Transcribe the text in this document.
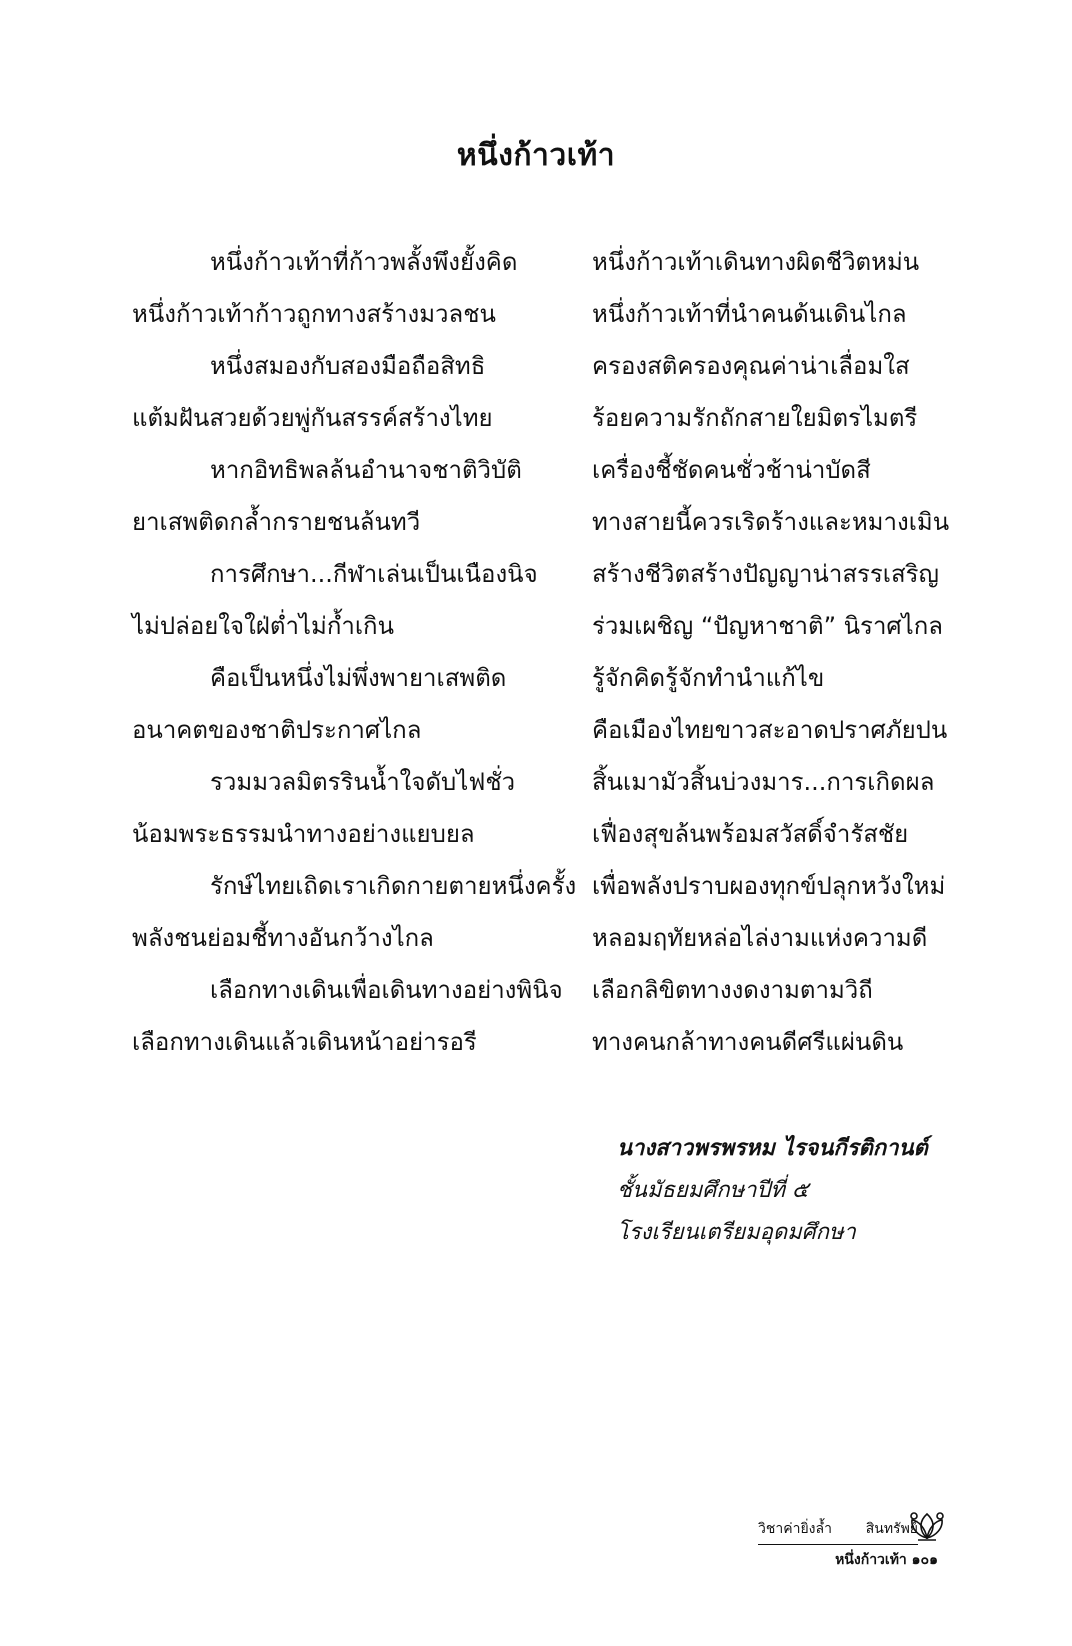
หนึ่งก้าวเท้า
หนึ่งก้าวเท้าที่ก้าวพลั้งพึงยั้งคิด
หนึ่งก้าวเท้าก้าวถูกทางสร้างมวลชน
หนึ่งก้าวเท้าเดินทางผิดชีวิตหม่น
หนึ่งก้าวเท้าที่นำคนด้นเดินไกล
หนึ่งสมองกับสองมือถือสิทธิ
แต้มฝันสวยด้วยพู่กันสรรค์สร้างไทย
ครองสติครองคุณค่าน่าเลื่อมใส
ร้อยความรักถักสายใยมิตรไมตรี
หากอิทธิพลล้นอำนาจชาติวิบัติ
ยาเสพติดกล้ำกรายชนล้นทวี
เครื่องชี้ชัดคนชั่วช้าน่าบัดสี
ทางสายนี้ควรเริดร้างและหมางเมิน
การศึกษา...กีฬาเล่นเป็นเนืองนิจ
ไม่ปล่อยใจใฝ่ต่ำไม่ก้ำเกิน
สร้างชีวิตสร้างปัญญาน่าสรรเสริญ
ร่วมเผชิญ “ปัญหาชาติ” นิราศไกล
คือเป็นหนึ่งไม่พึ่งพายาเสพติด
อนาคตของชาติประกาศไกล
รู้จักคิดรู้จักทำนำแก้ไข
คือเมืองไทยขาวสะอาดปราศภัยปน
รวมมวลมิตรรินน้ำใจดับไฟชั่ว
น้อมพระธรรมนำทางอย่างแยบยล
สิ้นเมามัวสิ้นบ่วงมาร...การเกิดผล
เฟื่องสุขล้นพร้อมสวัสดิ์จำรัสชัย
รักษ์ไทยเถิดเราเกิดกายตายหนึ่งครั้ง
พลังชนย่อมชี้ทางอันกว้างไกล
เพื่อพลังปราบผองทุกข์ปลุกหวังใหม่
หลอมฤทัยหล่อไล่งามแห่งความดี
เลือกทางเดินเพื่อเดินทางอย่างพินิจ
เลือกทางเดินแล้วเดินหน้าอย่ารอรี
เลือกลิขิตทางงดงามตามวิถี
ทางคนกล้าทางคนดีศรีแผ่นดิน
นางสาวพรพรหม ไรจนกีรติกานต์
ชั้นมัธยมศึกษาปีที่ ๕
โรงเรียนเตรียมอุดมศึกษา
วิชาค่ายิ่งล้ำ สินทรัพย์
หนึ่งก้าวเท้า ๑๐๑
